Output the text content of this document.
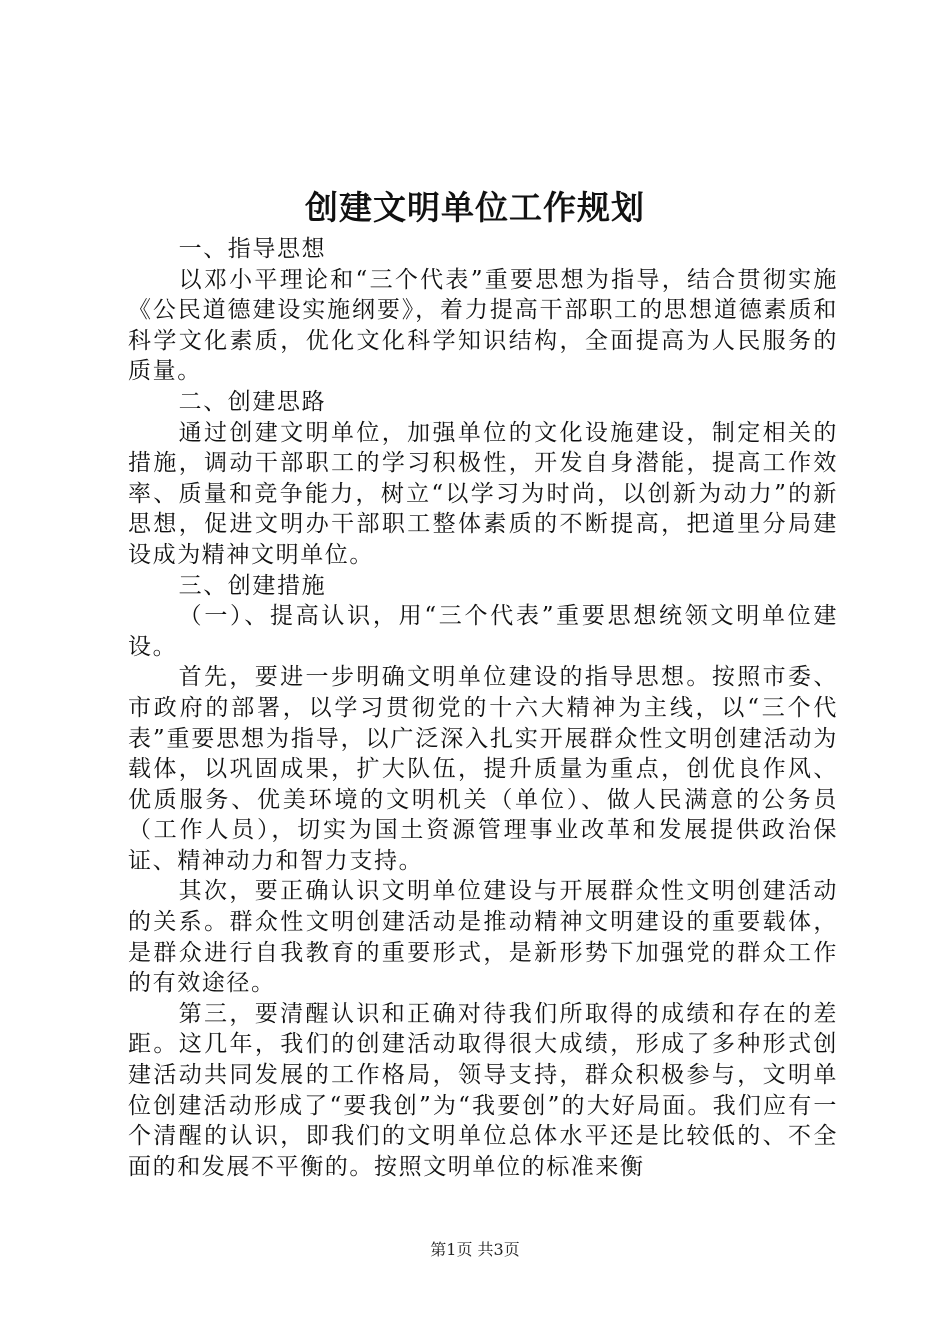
创建文明单位工作规划

一、指导思想

以邓小平理论和“三个代表”重要思想为指导，结合贯彻实施《公民道德建设实施纲要》，着力提高干部职工的思想道德素质和科学文化素质，优化文化科学知识结构，全面提高为人民服务的质量。

二、创建思路

通过创建文明单位，加强单位的文化设施建设，制定相关的措施，调动干部职工的学习积极性，开发自身潜能，提高工作效率、质量和竞争能力，树立“以学习为时尚，以创新为动力”的新思想，促进文明办干部职工整体素质的不断提高，把道里分局建设成为精神文明单位。

三、创建措施

（一）、提高认识，用“三个代表”重要思想统领文明单位建设。

首先，要进一步明确文明单位建设的指导思想。按照市委、市政府的部署，以学习贯彻党的十六大精神为主线，以“三个代表”重要思想为指导，以广泛深入扎实开展群众性文明创建活动为载体，以巩固成果，扩大队伍，提升质量为重点，创优良作风、优质服务、优美环境的文明机关（单位）、做人民满意的公务员（工作人员），切实为国土资源管理事业改革和发展提供政治保证、精神动力和智力支持。

其次，要正确认识文明单位建设与开展群众性文明创建活动的关系。群众性文明创建活动是推动精神文明建设的重要载体，是群众进行自我教育的重要形式，是新形势下加强党的群众工作的有效途径。

第三，要清醒认识和正确对待我们所取得的成绩和存在的差距。这几年，我们的创建活动取得很大成绩，形成了多种形式创建活动共同发展的工作格局，领导支持，群众积极参与，文明单位创建活动形成了“要我创”为“我要创”的大好局面。我们应有一个清醒的认识，即我们的文明单位总体水平还是比较低的、不全面的和发展不平衡的。按照文明单位的标准来衡

第1页 共3页
